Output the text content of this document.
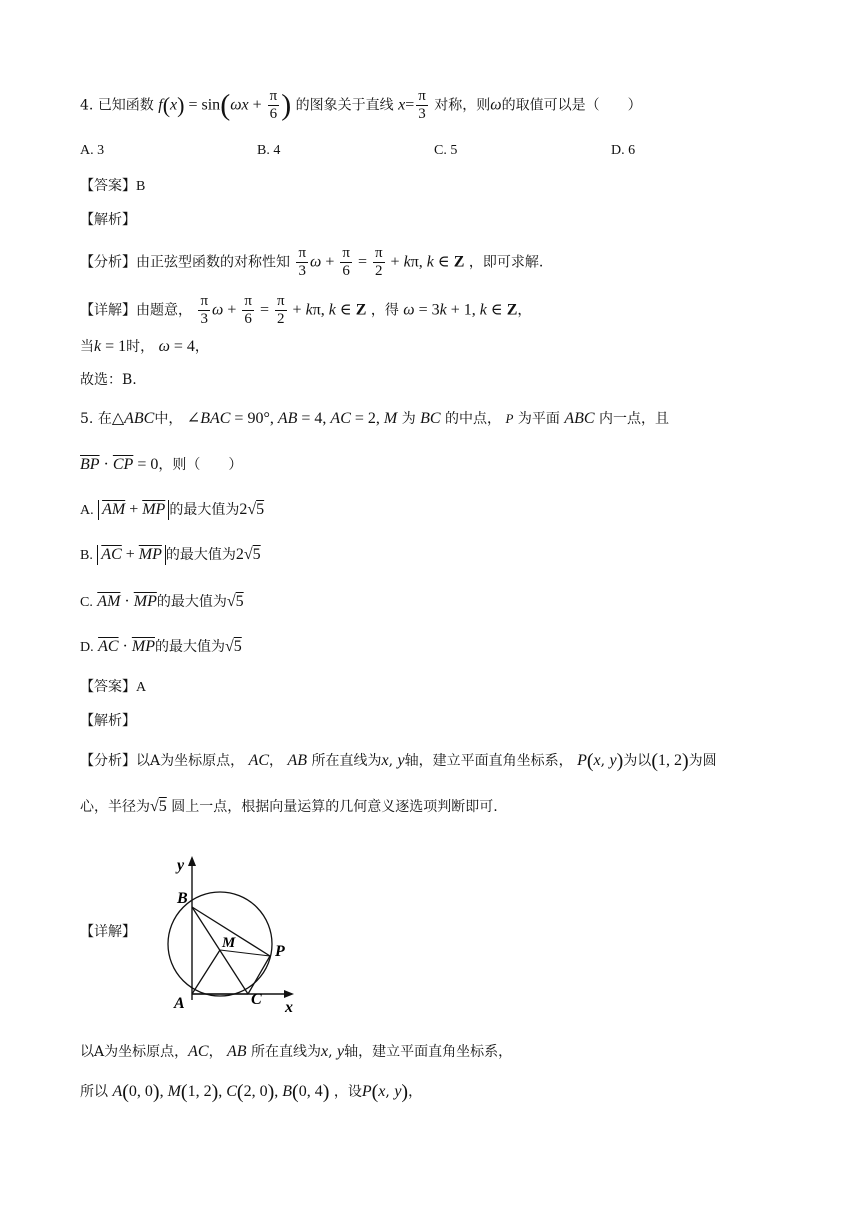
4. 已知函数 $f(x) = \sin(\omega x + \frac{\pi}{6}$ ) 的图象关于直线 $x= \frac{\pi}{3}$ 对称，则ω的取值可以是（　　）
A. 3	B. 4	C. 5	D. 6
【答案】B
【解析】
【分析】由正弦型函数的对称性知 $\frac{\pi}{3}$ $\omega + \frac{\pi}{6} = \frac{\pi}{2} + k\pi$, k ∈ Z ，即可求解.
【详解】由题意， $\frac{\pi}{3}$ $\omega + \frac{\pi}{6} = \frac{\pi}{2} + k\pi$, k ∈ Z ，得 ω = 3k + 1, k ∈ Z，
当k = 1时， ω = 4，
故选：B.
5. 在△ABC中， ∠BAC = 90°, AB = 4, AC = 2, M 为 BC 的中点， P 为平面 ABC 内一点，且
$\overline{BP} \cdot \overline{CP} = 0$，则（　　）
A. $\overline{AM} + \overline{MP}$ 的最大值为2√5
B. $\overline{AC} + \overline{MP}$ 的最大值为2√5
C. $\overline{AM} \cdot \overline{MP}$的最大值为√5
D. $\overline{AC} \cdot \overline{MP}$的最大值为√5
【答案】A
【解析】
【分析】以A为坐标原点， AC， AB 所在直线为x, y轴，建立平面直角坐标系， P(x, y)为以(1, 2)为圆
心，半径为√5 圆上一点，根据向量运算的几何意义逐选项判断即可.
【详解】
y
x
B
M P
A	C
以A为坐标原点，AC， AB 所在直线为x, y轴，建立平面直角坐标系，
所以 A(0, 0), M(1, 2), C(2, 0), B(0, 4) ，设P(x, y)，
